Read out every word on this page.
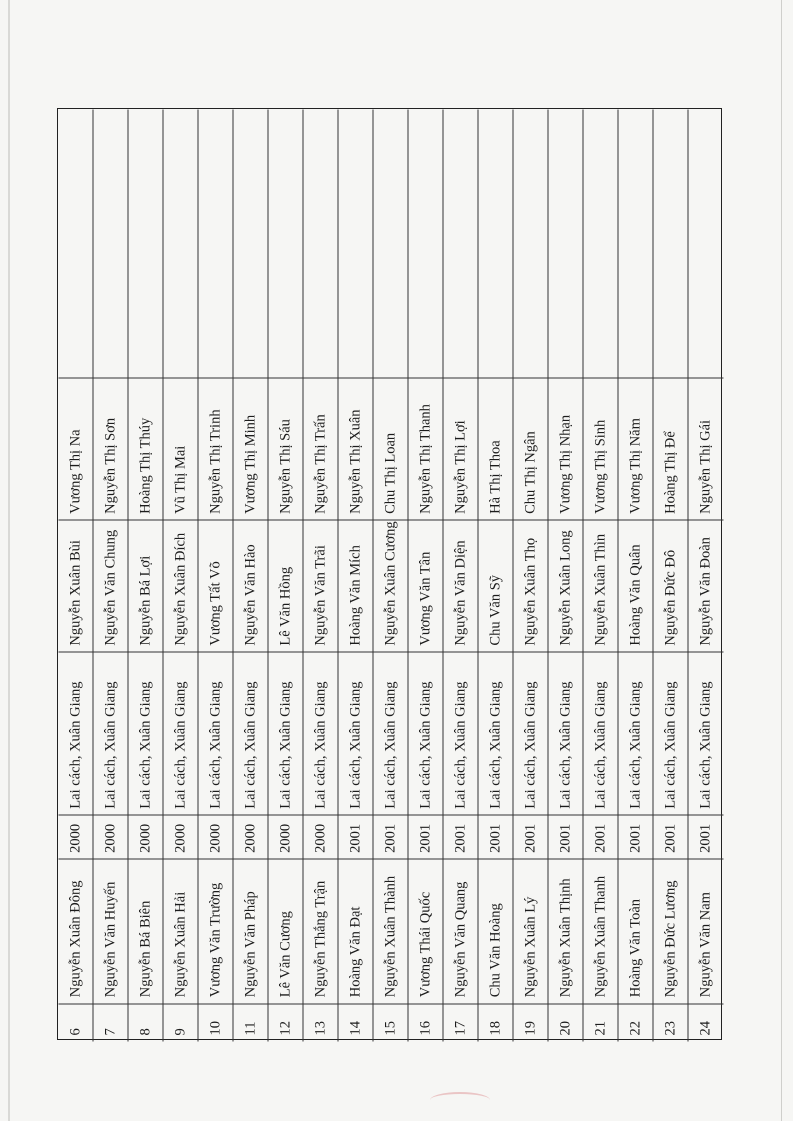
6
Nguyễn Xuân Đông
2000
Lai cách, Xuân Giang
Nguyễn Xuân Bùi
Vương Thị Na
7
Nguyễn Văn Huyến
2000
Lai cách, Xuân Giang
Nguyễn Văn Chung
Nguyễn Thị Sơn
8
Nguyễn Bá Biên
2000
Lai cách, Xuân Giang
Nguyễn Bá Lợi
Hoàng Thị Thúy
9
Nguyễn Xuân Hải
2000
Lai cách, Xuân Giang
Nguyễn Xuân Đích
Vũ Thị Mai
10
Vương Văn Trường
2000
Lai cách, Xuân Giang
Vương Tất Võ
Nguyễn Thị Trinh
11
Nguyễn Văn Pháp
2000
Lai cách, Xuân Giang
Nguyễn Văn Hào
Vương Thị Minh
12
Lê Văn Cương
2000
Lai cách, Xuân Giang
Lê Văn Hồng
Nguyễn Thị Sáu
13
Nguyễn Thắng Trận
2000
Lai cách, Xuân Giang
Nguyễn Văn Trãi
Nguyễn Thị Trấn
14
Hoàng Văn Đạt
2001
Lai cách, Xuân Giang
Hoàng Văn Mích
Nguyễn Thị Xuân
15
Nguyễn Xuân Thành
2001
Lai cách, Xuân Giang
Nguyễn Xuân Cương
Chu Thị Loan
16
Vương Thái Quốc
2001
Lai cách, Xuân Giang
Vương Văn Tân
Nguyễn Thị Thanh
17
Nguyễn Văn Quang
2001
Lai cách, Xuân Giang
Nguyễn Văn Diện
Nguyễn Thị Lợi
18
Chu Văn Hoàng
2001
Lai cách, Xuân Giang
Chu Văn Sỹ
Hà Thị Thoa
19
Nguyễn Xuân Lý
2001
Lai cách, Xuân Giang
Nguyễn Xuân Thọ
Chu Thị Ngân
20
Nguyễn Xuân Thịnh
2001
Lai cách, Xuân Giang
Nguyễn Xuân Long
Vương Thị Nhạn
21
Nguyễn Xuân Thanh
2001
Lai cách, Xuân Giang
Nguyễn Xuân Thìn
Vương Thị Sinh
22
Hoàng Văn Toàn
2001
Lai cách, Xuân Giang
Hoàng Văn Quân
Vương Thị Năm
23
Nguyễn Đức Lương
2001
Lai cách, Xuân Giang
Nguyễn Đức Đô
Hoàng Thị Để
24
Nguyễn Văn Nam
2001
Lai cách, Xuân Giang
Nguyễn Văn Đoàn
Nguyễn Thị Gái
